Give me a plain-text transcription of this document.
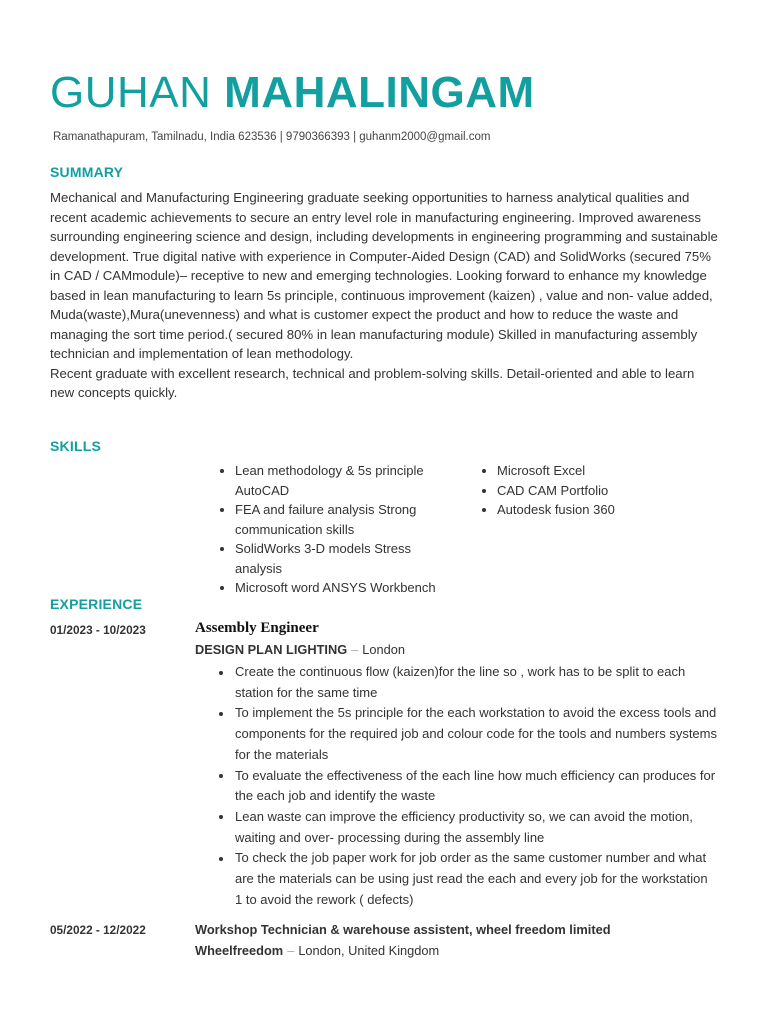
GUHAN MAHALINGAM
Ramanathapuram, Tamilnadu, India 623536 | 9790366393 | guhanm2000@gmail.com
SUMMARY

Mechanical and Manufacturing Engineering graduate seeking opportunities to harness analytical qualities and recent academic achievements to secure an entry level role in manufacturing engineering. Improved awareness surrounding engineering science and design, including developments in engineering programming and sustainable development. True digital native with experience in Computer-Aided Design (CAD) and SolidWorks (secured 75% in CAD / CAMmodule)– receptive to new and emerging technologies. Looking forward to enhance my knowledge based in lean manufacturing to learn 5s principle, continuous improvement (kaizen) , value and non- value added, Muda(waste),Mura(unevenness) and what is customer expect the product and how to reduce the waste and managing the sort time period.( secured 80% in lean manufacturing module) Skilled in manufacturing assembly technician and implementation of lean methodology.

Recent graduate with excellent research, technical and problem-solving skills. Detail-oriented and able to learn new concepts quickly.

SKILLS
Lean methodology & 5s principle AutoCAD
FEA and failure analysis Strong communication skills
SolidWorks 3-D models Stress analysis
Microsoft word ANSYS Workbench
Microsoft Excel
CAD CAM Portfolio
Autodesk fusion 360
EXPERIENCE
01/2023 - 10/2023	Assembly Engineer
DESIGN PLAN LIGHTING – London
Create the continuous flow (kaizen)for the line so , work has to be split to each station for the same time
To implement the 5s principle for the each workstation to avoid the excess tools and components for the required job and colour code for the tools and numbers systems for the materials
To evaluate the effectiveness of the each line how much efficiency can produces for the each job and identify the waste
Lean waste can improve the efficiency productivity so, we can avoid the motion, waiting and over- processing during the assembly line
To check the job paper work for job order as the same customer number and what are the materials can be using just read the each and every job for the workstation 1 to avoid the rework ( defects)
05/2022 - 12/2022	Workshop Technician & warehouse assistent, wheel freedom limited
Wheelfreedom – London, United Kingdom
